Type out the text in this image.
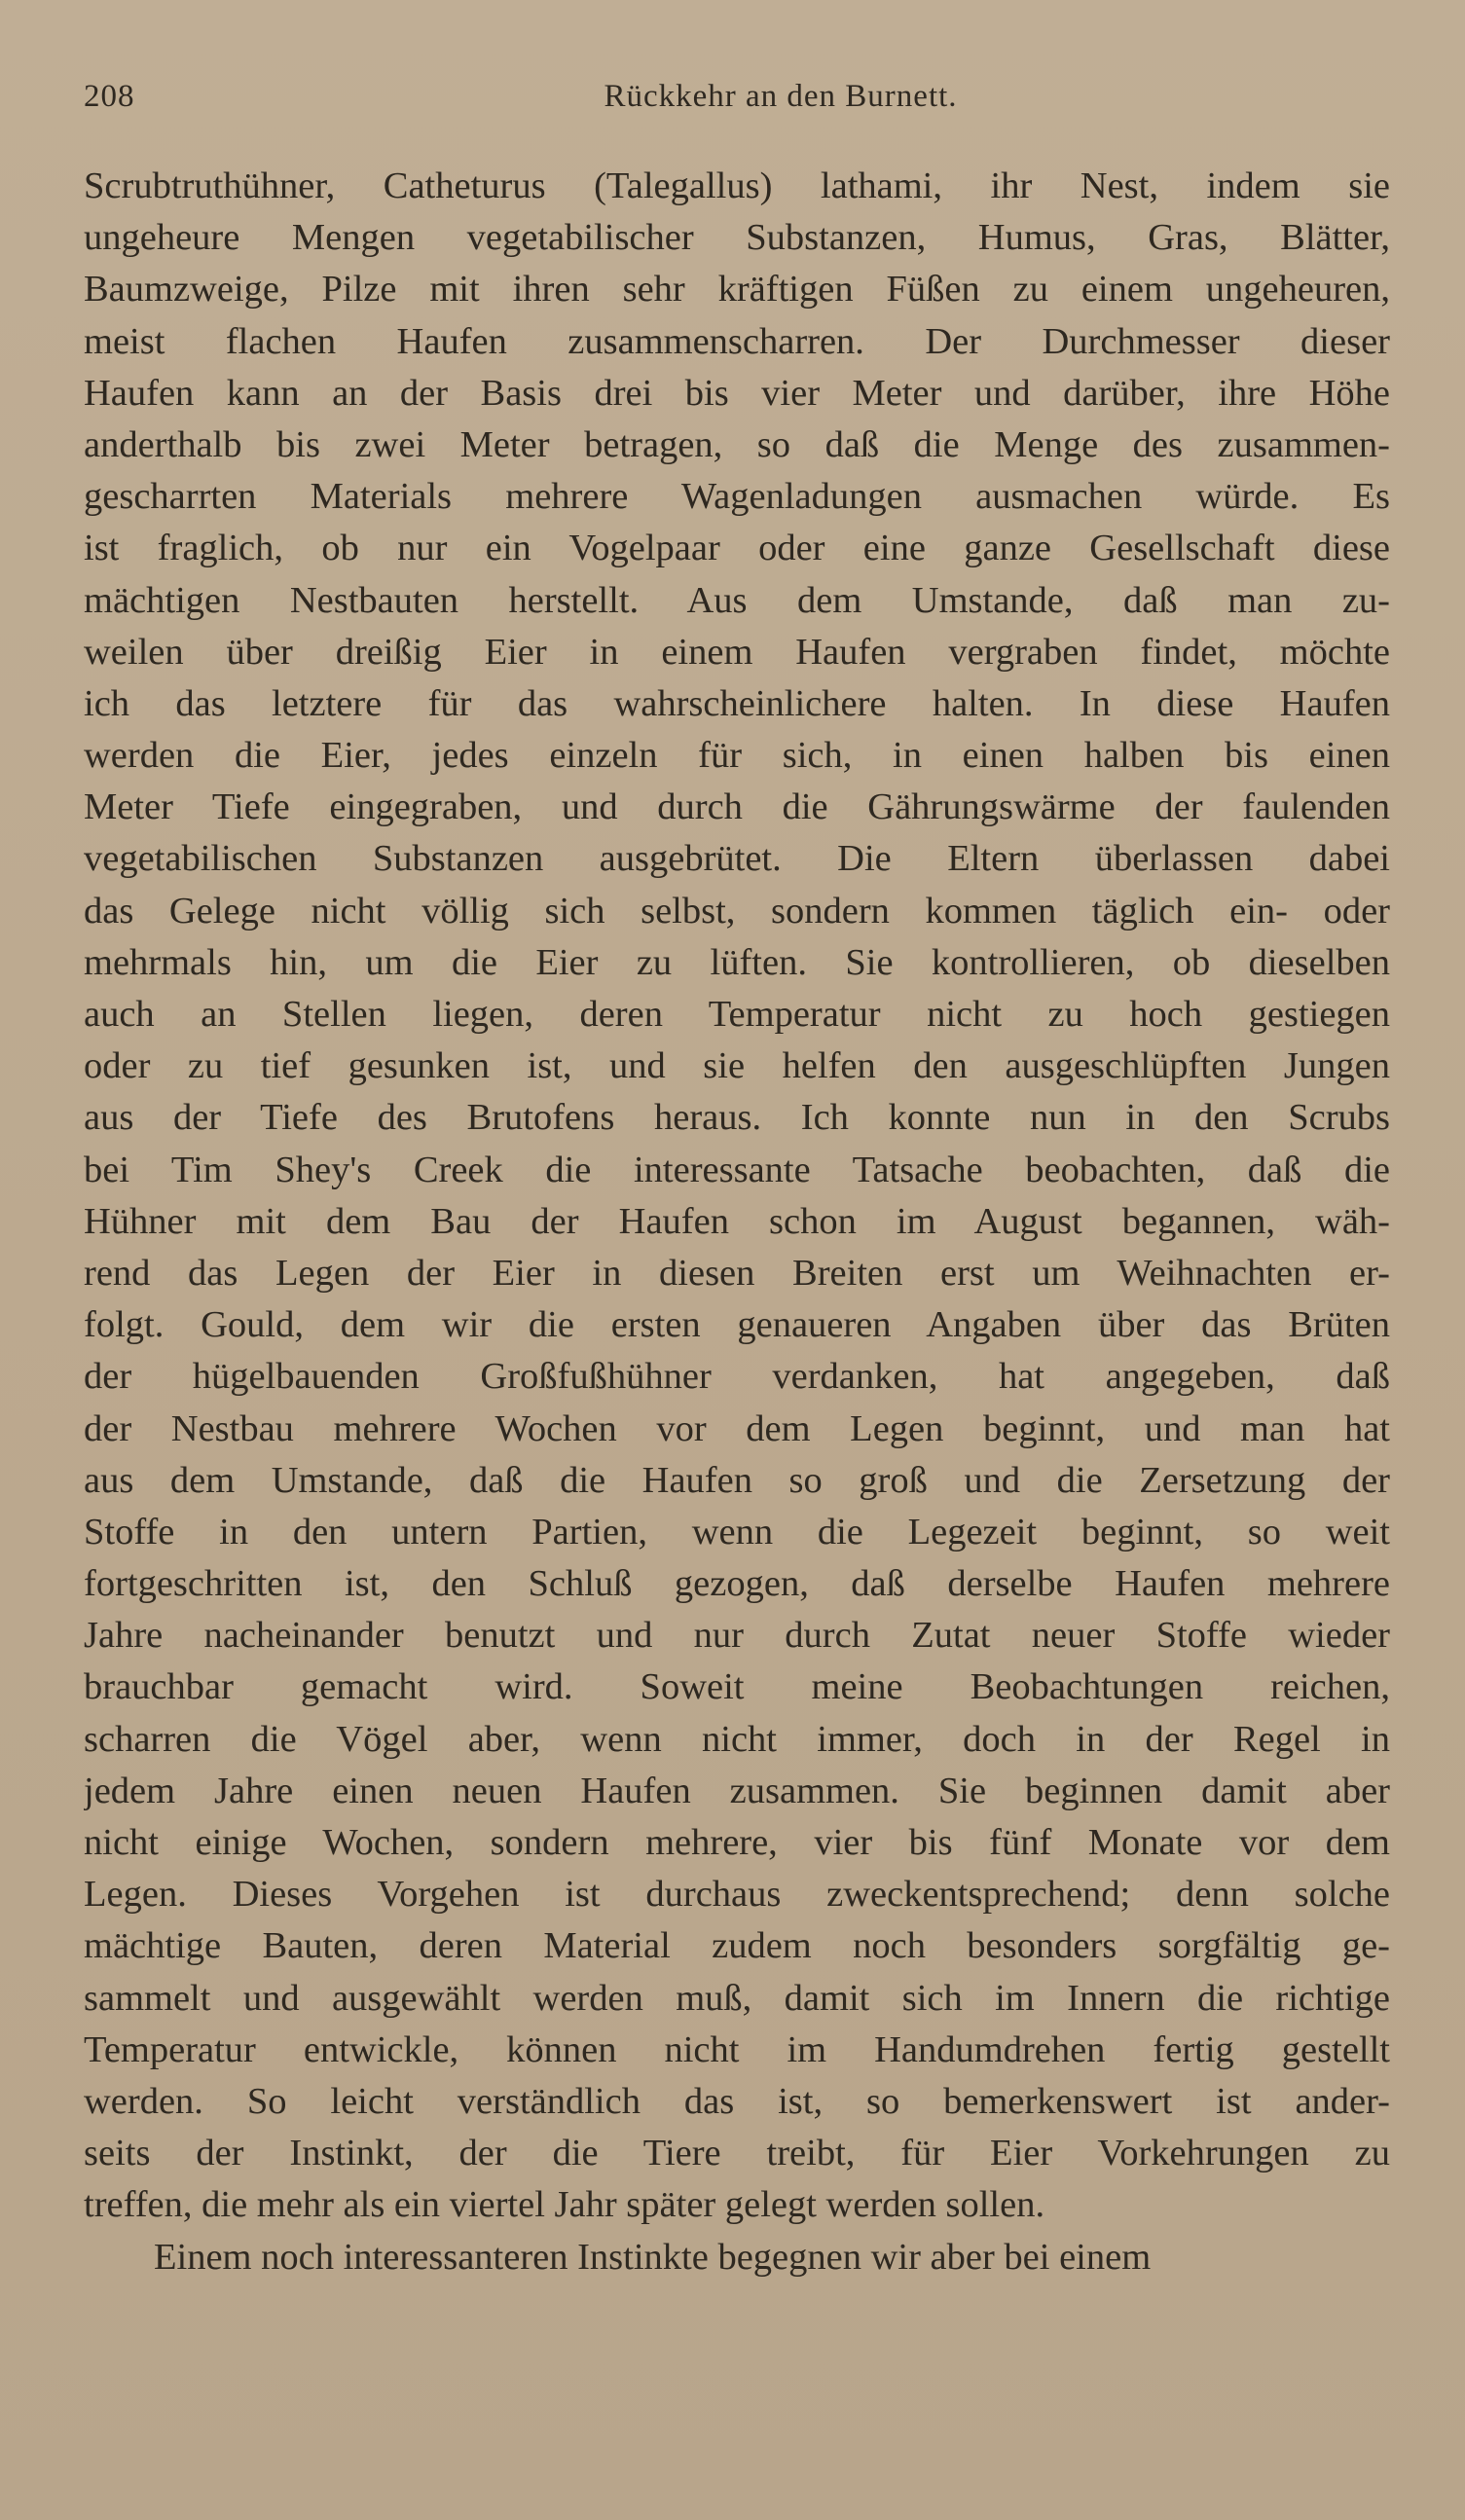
208	Rückkehr an den Burnett.
Scrubtruthühner, Catheturus (Talegallus) lathami, ihr Nest, indem sie
ungeheure Mengen vegetabilischer Substanzen, Humus, Gras, Blätter,
Baumzweige, Pilze mit ihren sehr kräftigen Füßen zu einem ungeheuren,
meist flachen Haufen zusammenscharren. Der Durchmesser dieser
Haufen kann an der Basis drei bis vier Meter und darüber, ihre Höhe
anderthalb bis zwei Meter betragen, so daß die Menge des zusammen-
gescharrten Materials mehrere Wagenladungen ausmachen würde. Es
ist fraglich, ob nur ein Vogelpaar oder eine ganze Gesellschaft diese
mächtigen Nestbauten herstellt. Aus dem Umstande, daß man zu-
weilen über dreißig Eier in einem Haufen vergraben findet, möchte
ich das letztere für das wahrscheinlichere halten. In diese Haufen
werden die Eier, jedes einzeln für sich, in einen halben bis einen
Meter Tiefe eingegraben, und durch die Gährungswärme der faulenden
vegetabilischen Substanzen ausgebrütet. Die Eltern überlassen dabei
das Gelege nicht völlig sich selbst, sondern kommen täglich ein- oder
mehrmals hin, um die Eier zu lüften. Sie kontrollieren, ob dieselben
auch an Stellen liegen, deren Temperatur nicht zu hoch gestiegen
oder zu tief gesunken ist, und sie helfen den ausgeschlüpften Jungen
aus der Tiefe des Brutofens heraus. Ich konnte nun in den Scrubs
bei Tim Shey's Creek die interessante Tatsache beobachten, daß die
Hühner mit dem Bau der Haufen schon im August begannen, wäh-
rend das Legen der Eier in diesen Breiten erst um Weihnachten er-
folgt. Gould, dem wir die ersten genaueren Angaben über das Brüten
der hügelbauenden Großfußhühner verdanken, hat angegeben, daß
der Nestbau mehrere Wochen vor dem Legen beginnt, und man hat
aus dem Umstande, daß die Haufen so groß und die Zersetzung der
Stoffe in den untern Partien, wenn die Legezeit beginnt, so weit
fortgeschritten ist, den Schluß gezogen, daß derselbe Haufen mehrere
Jahre nacheinander benutzt und nur durch Zutat neuer Stoffe wieder
brauchbar gemacht wird. Soweit meine Beobachtungen reichen,
scharren die Vögel aber, wenn nicht immer, doch in der Regel in
jedem Jahre einen neuen Haufen zusammen. Sie beginnen damit aber
nicht einige Wochen, sondern mehrere, vier bis fünf Monate vor dem
Legen. Dieses Vorgehen ist durchaus zweckentsprechend; denn solche
mächtige Bauten, deren Material zudem noch besonders sorgfältig ge-
sammelt und ausgewählt werden muß, damit sich im Innern die richtige
Temperatur entwickle, können nicht im Handumdrehen fertig gestellt
werden. So leicht verständlich das ist, so bemerkenswert ist ander-
seits der Instinkt, der die Tiere treibt, für Eier Vorkehrungen zu
treffen, die mehr als ein viertel Jahr später gelegt werden sollen.
Einem noch interessanteren Instinkte begegnen wir aber bei einem
